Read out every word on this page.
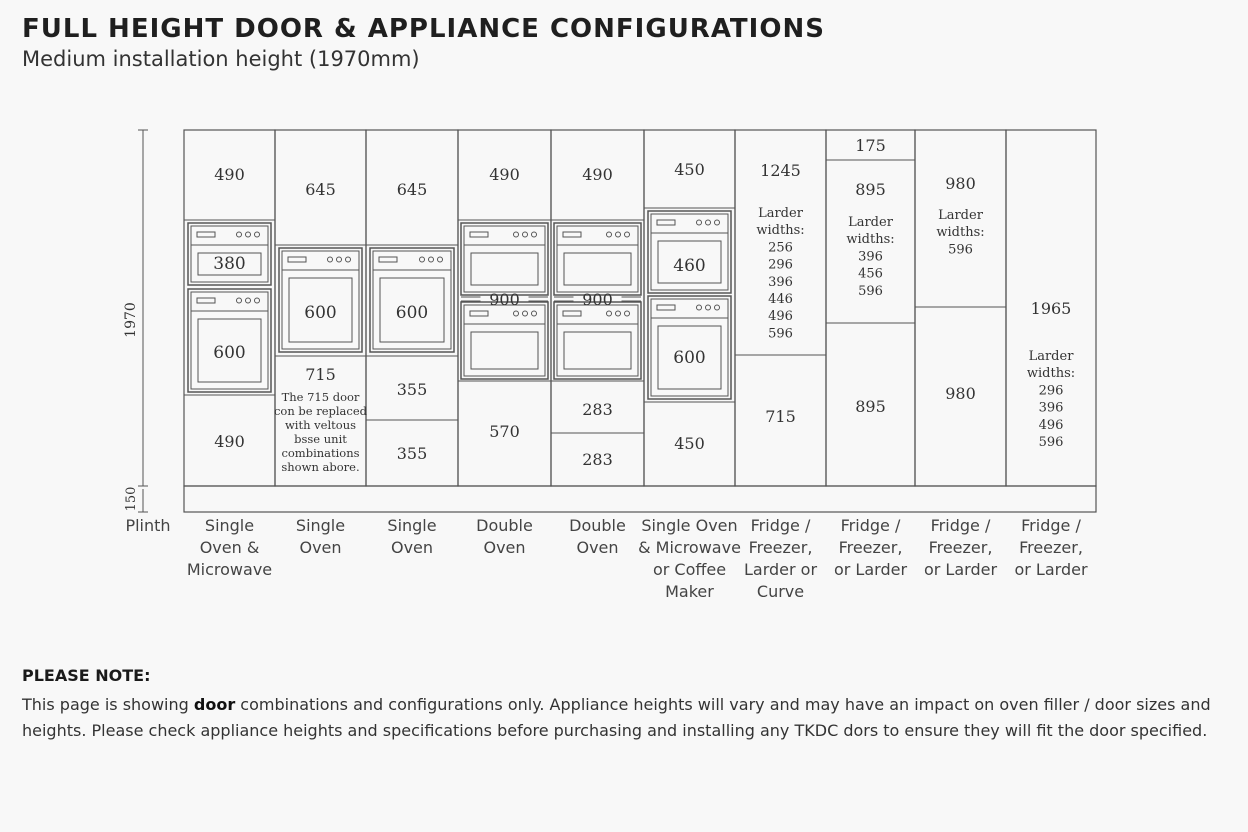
FULL HEIGHT DOOR & APPLIANCE CONFIGURATIONS
Medium installation height (1970mm)
1970
150
Plinth
490
380
600
490
645
600
715
The 715 door
con be replaced
with veltous
bsse unit
combinations
shown abore.
645
600
355
355
490
900
570
490
900
283
283
450
460
600
450
1245
Larder
widths:
256
296
396
446
496
596
715
175
895
Larder
widths:
396
456
596
895
980
Larder
widths:
596
980
1965
Larder
widths:
296
396
496
596
Single
Oven &
Microwave
Single
Oven
Single
Oven
Double
Oven
Double
Oven
Single Oven
& Microwave
or Coffee
Maker
Fridge /
Freezer,
Larder or
Curve
Fridge /
Freezer,
or Larder
Fridge /
Freezer,
or Larder
Fridge /
Freezer,
or Larder
PLEASE NOTE:
This page is showing door combinations and configurations only. Appliance heights will vary and may have an impact on oven filler / door sizes and heights. Please check appliance heights and specifications before purchasing and installing any TKDC dors to ensure they will fit the door specified.
